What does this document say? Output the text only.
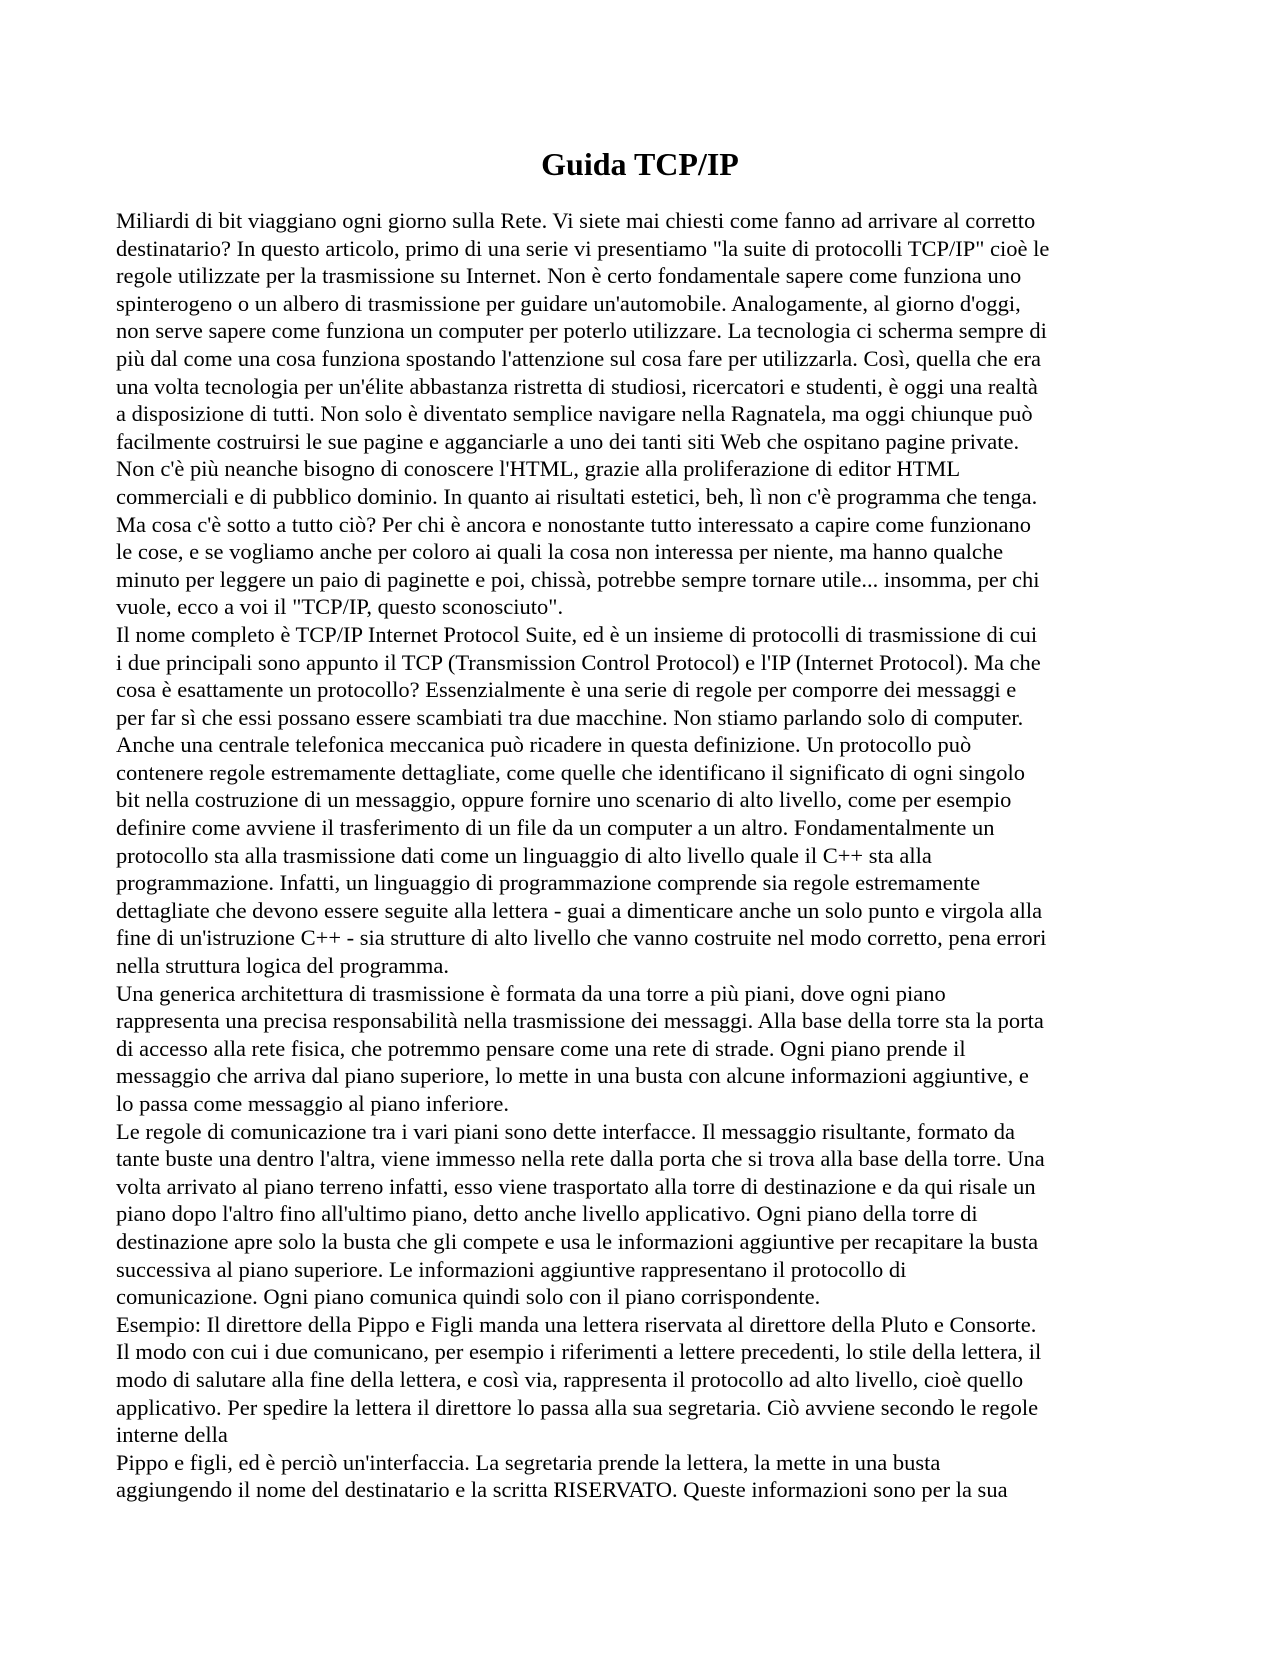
Guida TCP/IP
Miliardi di bit viaggiano ogni giorno sulla Rete. Vi siete mai chiesti come fanno ad arrivare al corretto
destinatario? In questo articolo, primo di una serie vi presentiamo "la suite di protocolli TCP/IP" cioè le
regole utilizzate per la trasmissione su Internet. Non è certo fondamentale sapere come funziona uno
spinterogeno o un albero di trasmissione per guidare un'automobile. Analogamente, al giorno d'oggi,
non serve sapere come funziona un computer per poterlo utilizzare. La tecnologia ci scherma sempre di
più dal come una cosa funziona spostando l'attenzione sul cosa fare per utilizzarla. Così, quella che era
una volta tecnologia per un'élite abbastanza ristretta di studiosi, ricercatori e studenti, è oggi una realtà
a disposizione di tutti. Non solo è diventato semplice navigare nella Ragnatela, ma oggi chiunque può
facilmente costruirsi le sue pagine e agganciarle a uno dei tanti siti Web che ospitano pagine private.
Non c'è più neanche bisogno di conoscere l'HTML, grazie alla proliferazione di editor HTML
commerciali e di pubblico dominio. In quanto ai risultati estetici, beh, lì non c'è programma che tenga.
Ma cosa c'è sotto a tutto ciò? Per chi è ancora e nonostante tutto interessato a capire come funzionano
le cose, e se vogliamo anche per coloro ai quali la cosa non interessa per niente, ma hanno qualche
minuto per leggere un paio di paginette e poi, chissà, potrebbe sempre tornare utile... insomma, per chi
vuole, ecco a voi il "TCP/IP, questo sconosciuto".
Il nome completo è TCP/IP Internet Protocol Suite, ed è un insieme di protocolli di trasmissione di cui
i due principali sono appunto il TCP (Transmission Control Protocol) e l'IP (Internet Protocol). Ma che
cosa è esattamente un protocollo? Essenzialmente è una serie di regole per comporre dei messaggi e
per far sì che essi possano essere scambiati tra due macchine. Non stiamo parlando solo di computer.
Anche una centrale telefonica meccanica può ricadere in questa definizione. Un protocollo può
contenere regole estremamente dettagliate, come quelle che identificano il significato di ogni singolo
bit nella costruzione di un messaggio, oppure fornire uno scenario di alto livello, come per esempio
definire come avviene il trasferimento di un file da un computer a un altro. Fondamentalmente un
protocollo sta alla trasmissione dati come un linguaggio di alto livello quale il C++ sta alla
programmazione. Infatti, un linguaggio di programmazione comprende sia regole estremamente
dettagliate che devono essere seguite alla lettera - guai a dimenticare anche un solo punto e virgola alla
fine di un'istruzione C++ - sia strutture di alto livello che vanno costruite nel modo corretto, pena errori
nella struttura logica del programma.
Una generica architettura di trasmissione è formata da una torre a più piani, dove ogni piano
rappresenta una precisa responsabilità nella trasmissione dei messaggi. Alla base della torre sta la porta
di accesso alla rete fisica, che potremmo pensare come una rete di strade. Ogni piano prende il
messaggio che arriva dal piano superiore, lo mette in una busta con alcune informazioni aggiuntive, e
lo passa come messaggio al piano inferiore.
Le regole di comunicazione tra i vari piani sono dette interfacce. Il messaggio risultante, formato da
tante buste una dentro l'altra, viene immesso nella rete dalla porta che si trova alla base della torre. Una
volta arrivato al piano terreno infatti, esso viene trasportato alla torre di destinazione e da qui risale un
piano dopo l'altro fino all'ultimo piano, detto anche livello applicativo. Ogni piano della torre di
destinazione apre solo la busta che gli compete e usa le informazioni aggiuntive per recapitare la busta
successiva al piano superiore. Le informazioni aggiuntive rappresentano il protocollo di
comunicazione. Ogni piano comunica quindi solo con il piano corrispondente.
Esempio: Il direttore della Pippo e Figli manda una lettera riservata al direttore della Pluto e Consorte.
Il modo con cui i due comunicano, per esempio i riferimenti a lettere precedenti, lo stile della lettera, il
modo di salutare alla fine della lettera, e così via, rappresenta il protocollo ad alto livello, cioè quello
applicativo. Per spedire la lettera il direttore lo passa alla sua segretaria. Ciò avviene secondo le regole
interne della
Pippo e figli, ed è perciò un'interfaccia. La segretaria prende la lettera, la mette in una busta
aggiungendo il nome del destinatario e la scritta RISERVATO. Queste informazioni sono per la sua
